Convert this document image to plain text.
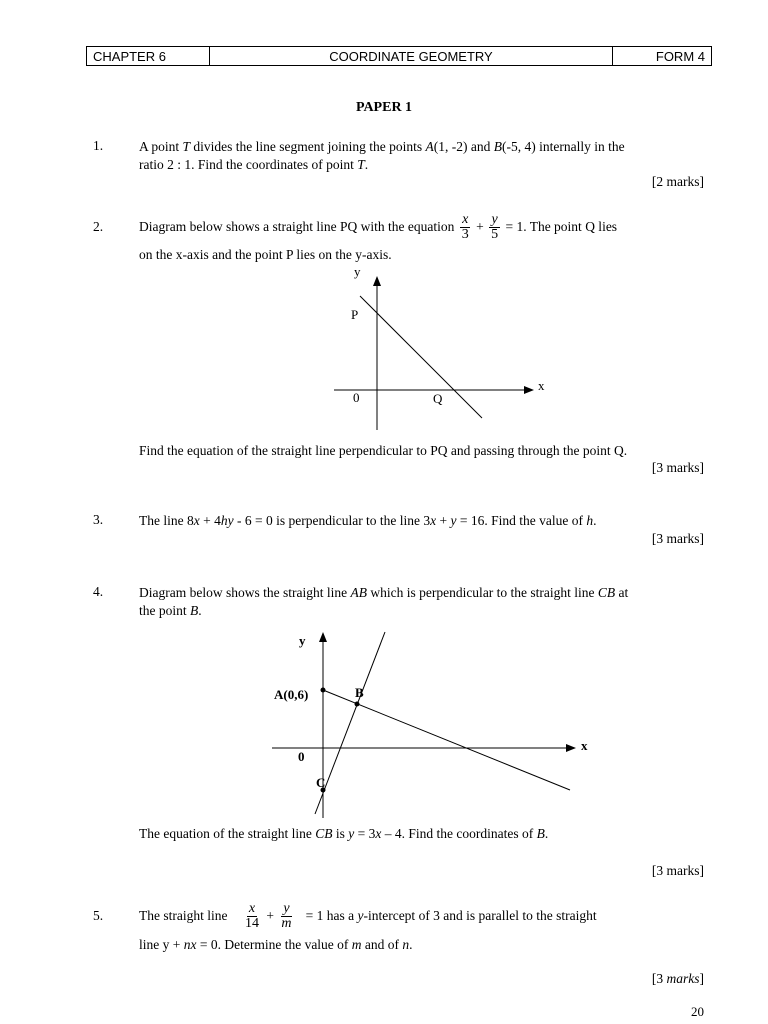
CHAPTER 6	COORDINATE GEOMETRY	FORM 4
PAPER 1
1.	A point T divides the line segment joining the points A(1, -2) and B(-5, 4) internally in the
ratio 2 : 1. Find the coordinates of point T.
[2 marks]
2.	Diagram below shows a straight line PQ with the equation $\frac{x}{3} + \frac{y}{5} = 1$. The point Q lies
on the x-axis and the point P lies on the y-axis.
y
x
0
P
Q
Find the equation of the straight line perpendicular to PQ and passing through the point Q.
[3 marks]
3.	The line 8x + 4hy - 6 = 0 is perpendicular to the line 3x + y = 16. Find the value of h.
[3 marks]
4.	Diagram below shows the straight line AB which is perpendicular to the straight line CB at
the point B.
y
x
0
A(0,6)	B
C
The equation of the straight line CB is y = 3x – 4. Find the coordinates of B.
[3 marks]
5.	The straight line $\frac{x}{14} + \frac{y}{m} = 1$ has a y-intercept of 3 and is parallel to the straight
line y + nx = 0. Determine the value of m and of n.
[3 marks]
20
